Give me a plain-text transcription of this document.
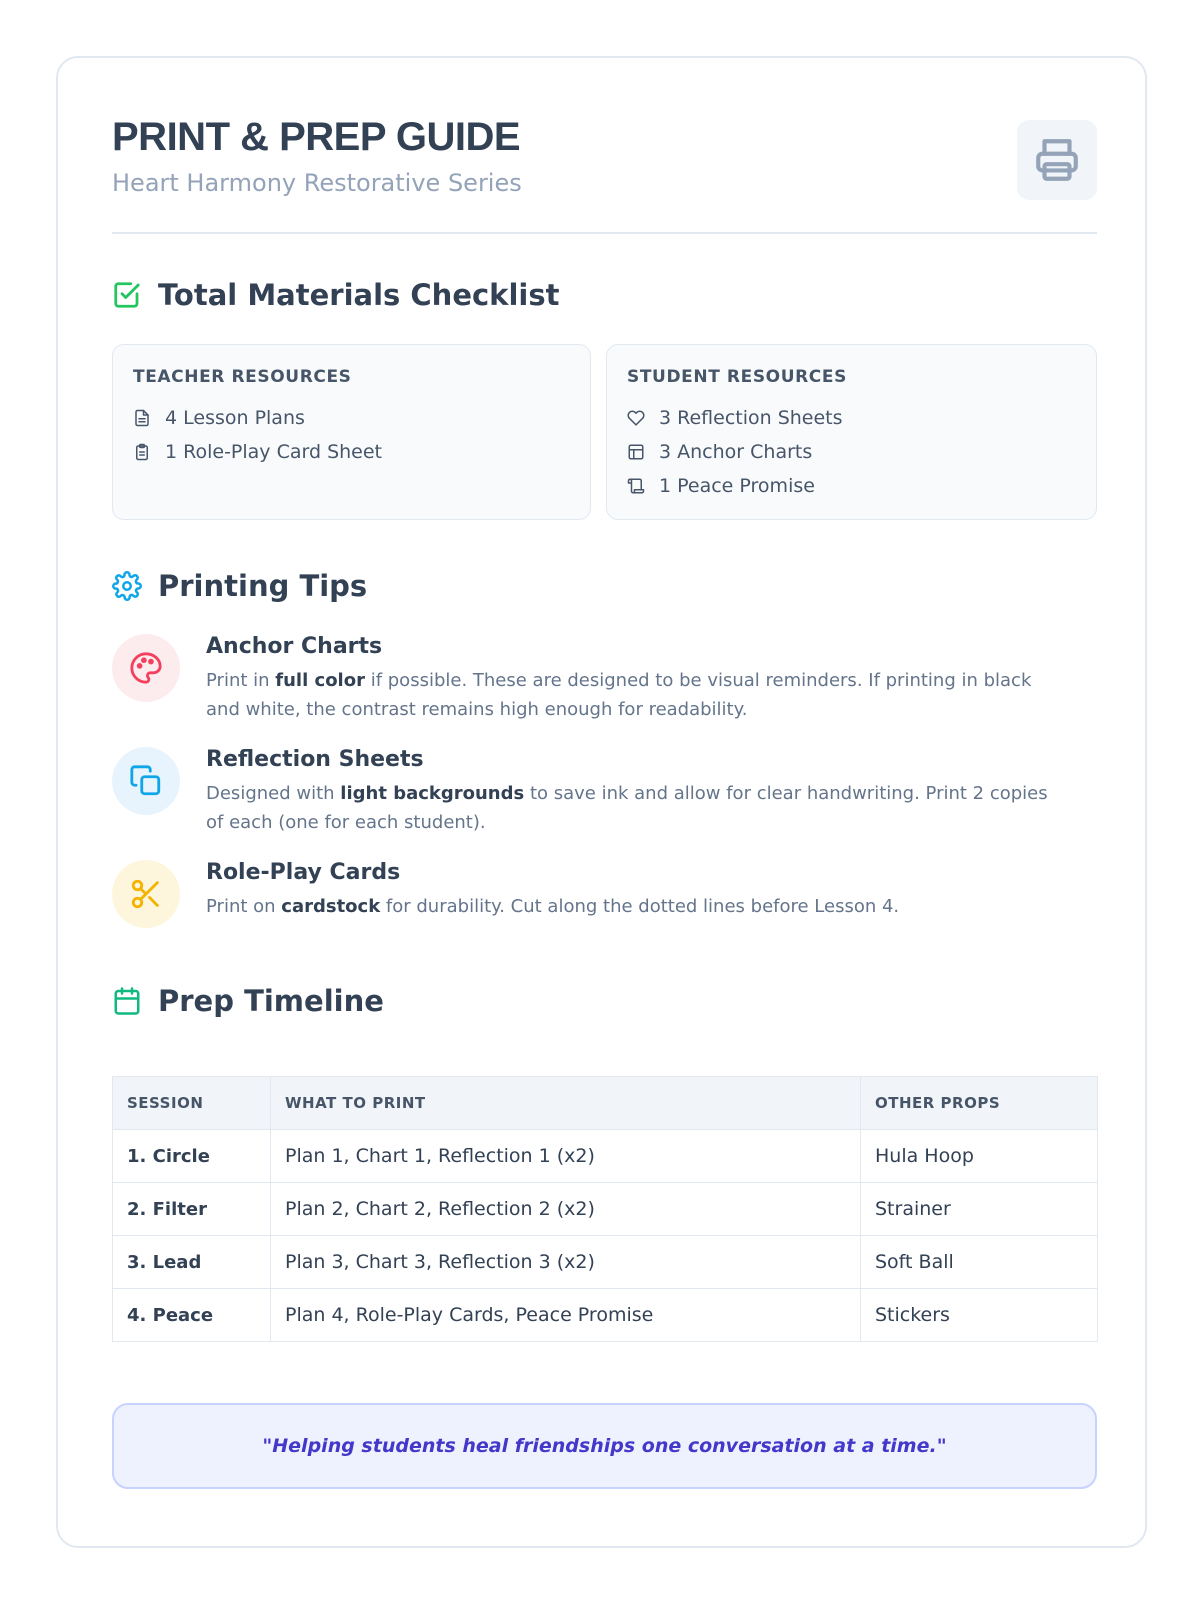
PRINT & PREP GUIDE
Heart Harmony Restorative Series
Total Materials Checklist
TEACHER RESOURCES
4 Lesson Plans
1 Role-Play Card Sheet
STUDENT RESOURCES
3 Reflection Sheets
3 Anchor Charts
1 Peace Promise
Printing Tips
Anchor Charts
Print in full color if possible. These are designed to be visual reminders. If printing in black and white, the contrast remains high enough for readability.
Reflection Sheets
Designed with light backgrounds to save ink and allow for clear handwriting. Print 2 copies of each (one for each student).
Role-Play Cards
Print on cardstock for durability. Cut along the dotted lines before Lesson 4.
Prep Timeline
SESSION	WHAT TO PRINT	OTHER PROPS
1. Circle	Plan 1, Chart 1, Reflection 1 (x2)	Hula Hoop
2. Filter	Plan 2, Chart 2, Reflection 2 (x2)	Strainer
3. Lead	Plan 3, Chart 3, Reflection 3 (x2)	Soft Ball
4. Peace	Plan 4, Role-Play Cards, Peace Promise	Stickers
"Helping students heal friendships one conversation at a time."
